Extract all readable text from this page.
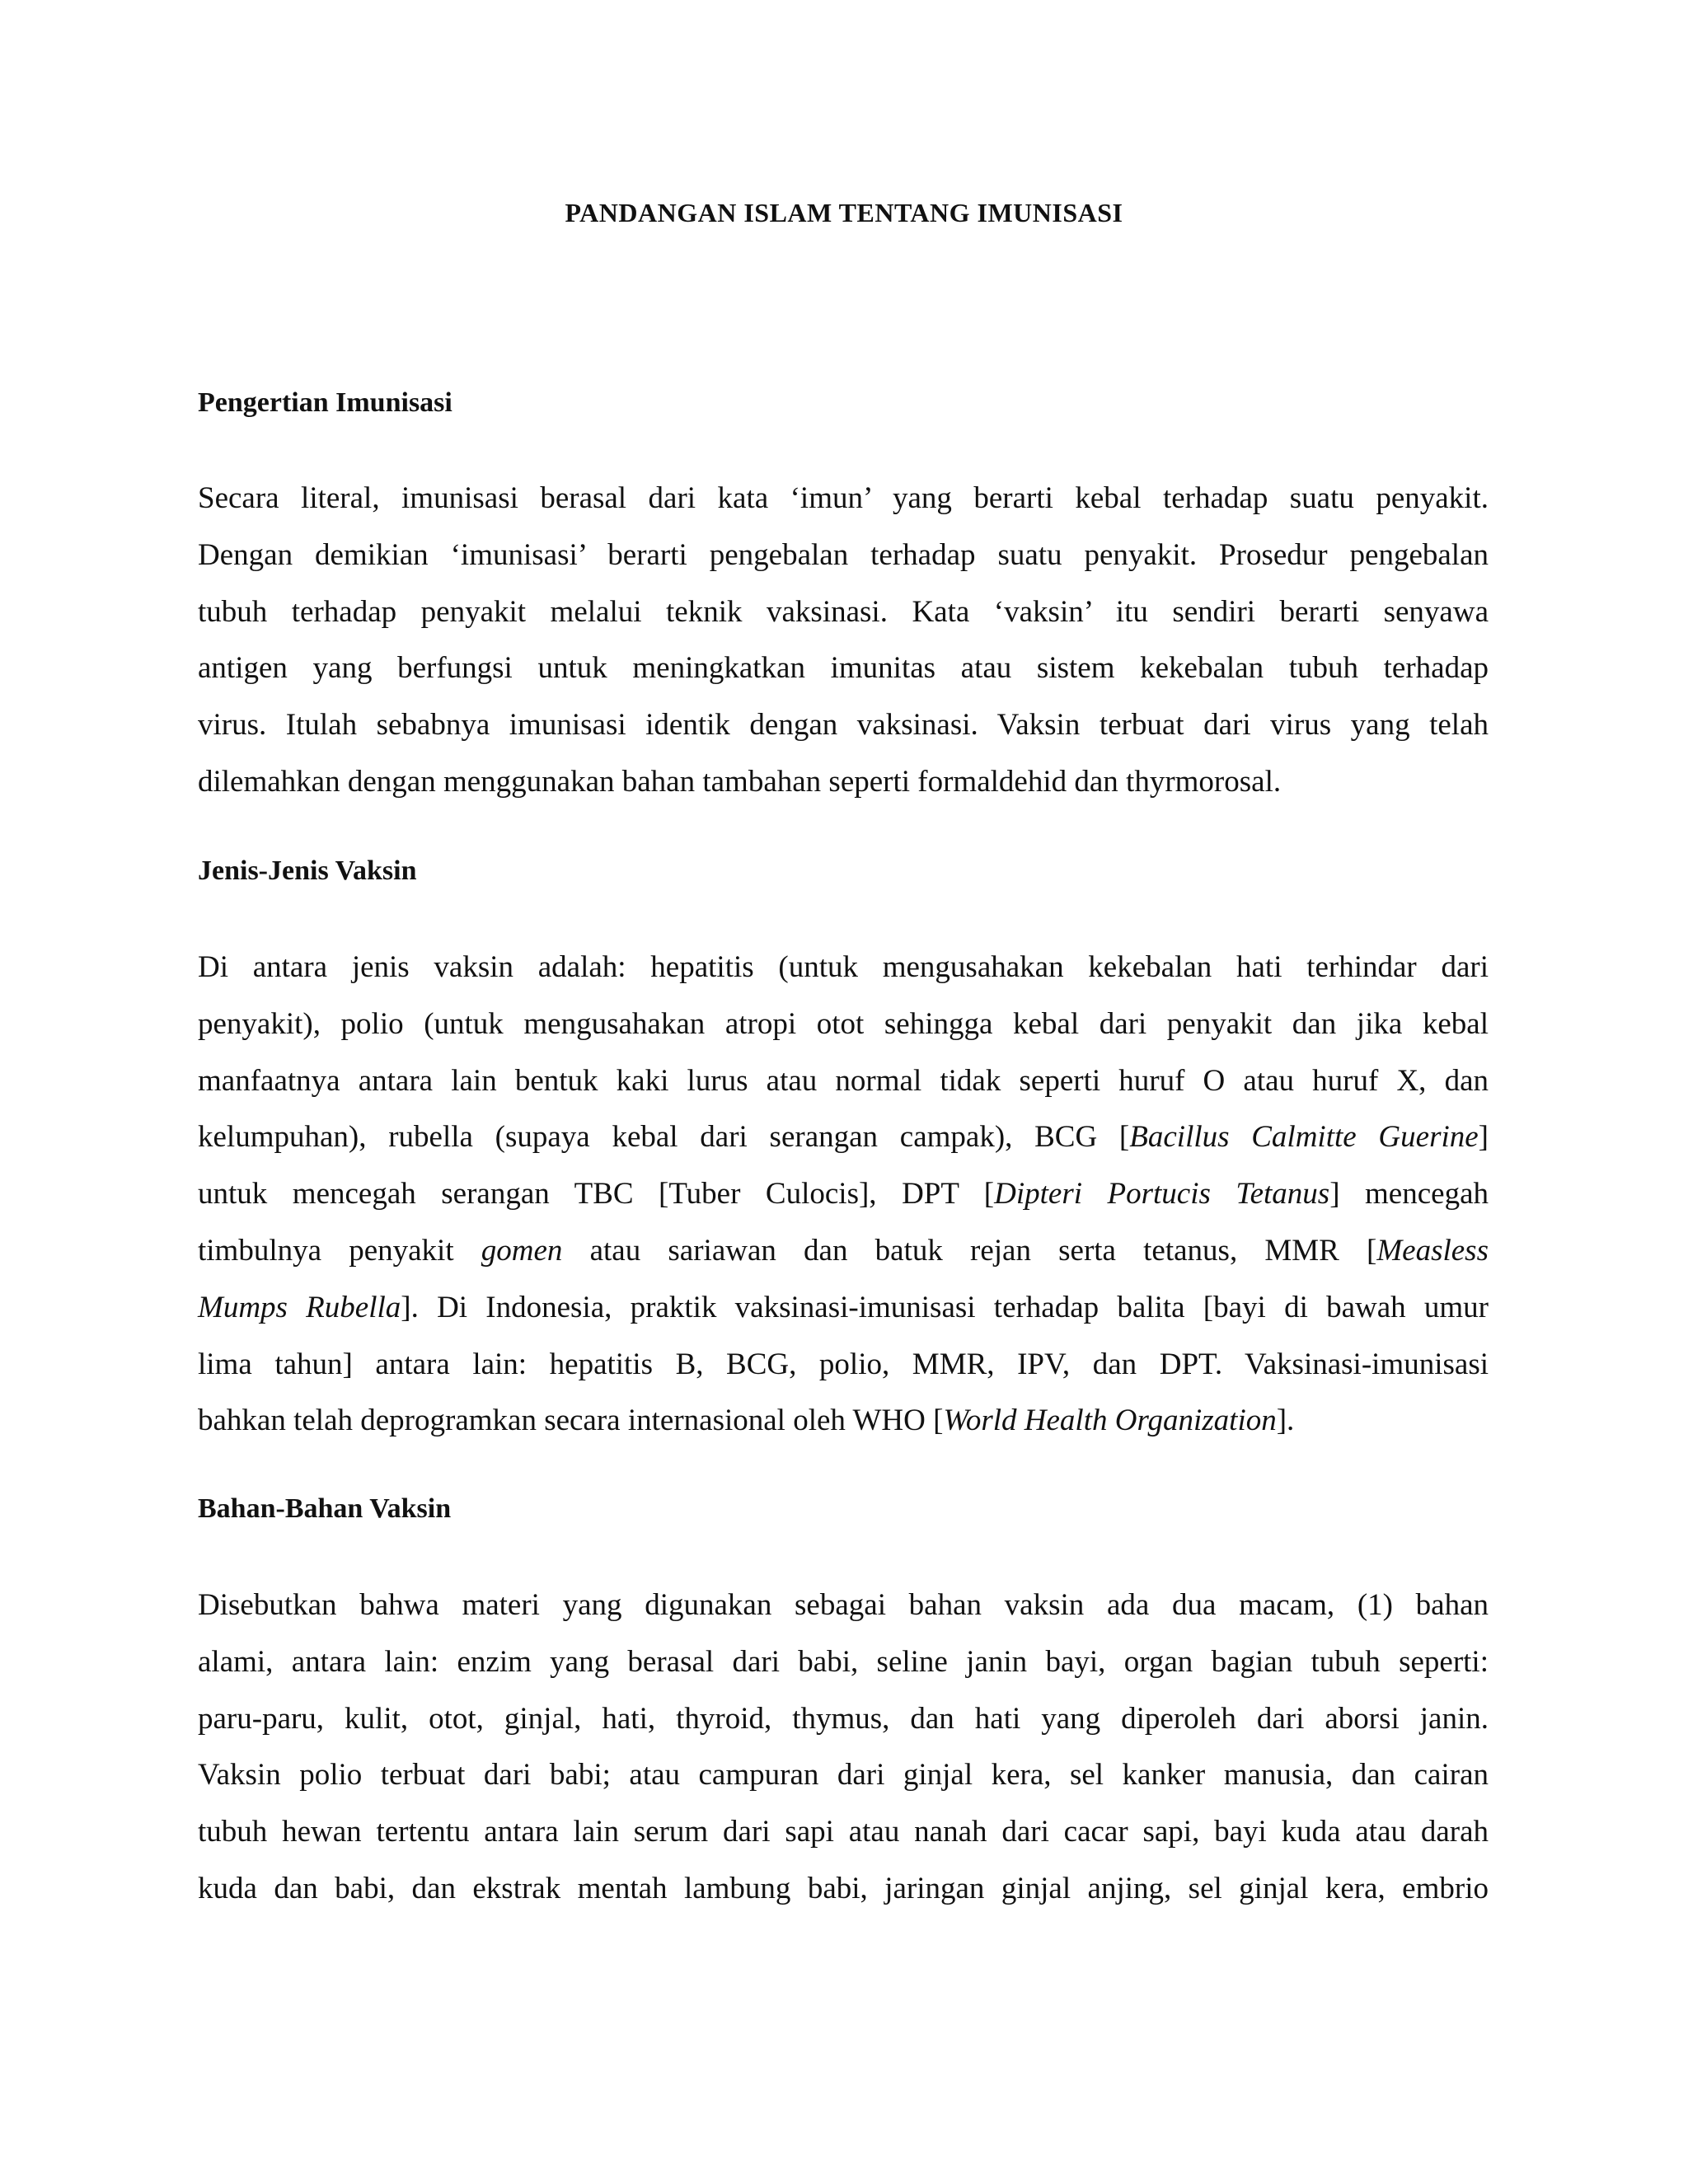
PANDANGAN ISLAM TENTANG IMUNISASI
Pengertian Imunisasi

Secara literal, imunisasi berasal dari kata ‘imun’ yang berarti kebal terhadap suatu penyakit.
Dengan demikian ‘imunisasi’ berarti pengebalan terhadap suatu penyakit. Prosedur pengebalan
tubuh terhadap penyakit melalui teknik vaksinasi. Kata ‘vaksin’ itu sendiri berarti senyawa
antigen yang berfungsi untuk meningkatkan imunitas atau sistem kekebalan tubuh terhadap
virus. Itulah sebabnya imunisasi identik dengan vaksinasi. Vaksin terbuat dari virus yang telah
dilemahkan dengan menggunakan bahan tambahan seperti formaldehid dan thyrmorosal.

Jenis-Jenis Vaksin

Di antara jenis vaksin adalah: hepatitis (untuk mengusahakan kekebalan hati terhindar dari
penyakit), polio (untuk mengusahakan atropi otot sehingga kebal dari penyakit dan jika kebal
manfaatnya antara lain bentuk kaki lurus atau normal tidak seperti huruf O atau huruf X, dan
kelumpuhan), rubella (supaya kebal dari serangan campak), BCG [Bacillus Calmitte Guerine]
untuk mencegah serangan TBC [Tuber Culocis], DPT [Dipteri Portucis Tetanus] mencegah
timbulnya penyakit gomen atau sariawan dan batuk rejan serta tetanus, MMR [Measless
Mumps Rubella]. Di Indonesia, praktik vaksinasi-imunisasi terhadap balita [bayi di bawah umur
lima tahun] antara lain: hepatitis B, BCG, polio, MMR, IPV, dan DPT. Vaksinasi-imunisasi
bahkan telah deprogramkan secara internasional oleh WHO [World Health Organization].

Bahan-Bahan Vaksin

Disebutkan bahwa materi yang digunakan sebagai bahan vaksin ada dua macam, (1) bahan
alami, antara lain: enzim yang berasal dari babi, seline janin bayi, organ bagian tubuh seperti:
paru-paru, kulit, otot, ginjal, hati, thyroid, thymus, dan hati yang diperoleh dari aborsi janin.
Vaksin polio terbuat dari babi; atau campuran dari ginjal kera, sel kanker manusia, dan cairan
tubuh hewan tertentu antara lain serum dari sapi atau nanah dari cacar sapi, bayi kuda atau darah
kuda dan babi, dan ekstrak mentah lambung babi, jaringan ginjal anjing, sel ginjal kera, embrio
